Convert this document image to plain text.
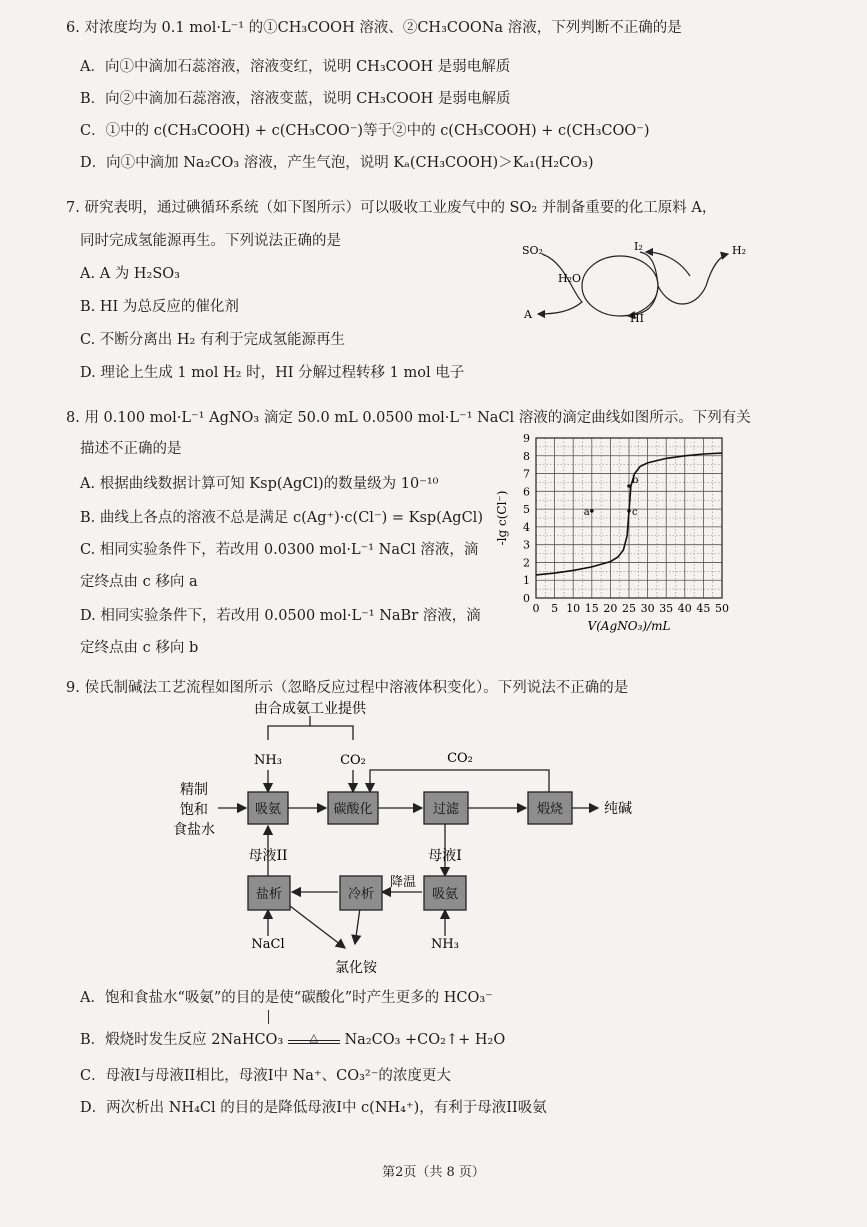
6. 对浓度均为 0.1 mol·L⁻¹ 的①CH₃COOH 溶液、②CH₃COONa 溶液，下列判断不正确的是
A．向①中滴加石蕊溶液，溶液变红，说明 CH₃COOH 是弱电解质
B．向②中滴加石蕊溶液，溶液变蓝，说明 CH₃COOH 是弱电解质
C．①中的 c(CH₃COOH) + c(CH₃COO⁻)等于②中的 c(CH₃COOH) + c(CH₃COO⁻)
D．向①中滴加 Na₂CO₃ 溶液，产生气泡，说明 Kₐ(CH₃COOH)＞Kₐ₁(H₂CO₃)
7. 研究表明，通过碘循环系统（如下图所示）可以吸收工业废气中的 SO₂ 并制备重要的化工原料 A，
同时完成氢能源再生。下列说法正确的是
A. A 为 H₂SO₃
B. HI 为总反应的催化剂
C. 不断分离出 H₂ 有利于完成氢能源再生
D. 理论上生成 1 mol H₂ 时，HI 分解过程转移 1 mol 电子
SO₂
H₂O
I₂	H₂
A	HI
8. 用 0.100 mol·L⁻¹ AgNO₃ 滴定 50.0 mL 0.0500 mol·L⁻¹ NaCl 溶液的滴定曲线如图所示。下列有关
描述不正确的是
A. 根据曲线数据计算可知 Ksp(AgCl)的数量级为 10⁻¹⁰
B. 曲线上各点的溶液不总是满足 c(Ag⁺)·c(Cl⁻) = Ksp(AgCl)
C. 相同实验条件下，若改用 0.0300 mol·L⁻¹ NaCl 溶液，滴
定终点由 c 移向 a
D. 相同实验条件下，若改用 0.0500 mol·L⁻¹ NaBr 溶液，滴
定终点由 c 移向 b
0 5 10 15 20 25 30 35 40 45 50
0
1
2
3
4
5
6
7
8
9
V(AgNO₃)/mL
-lg c(Cl⁻)	a
b
c
9. 侯氏制碱法工艺流程如图所示（忽略反应过程中溶液体积变化）。下列说法不正确的是
吸氨	碳酸化	过滤	煅烧
盐析	冷析	吸氨
由合成氨工业提供
NH₃	CO₂	CO₂
精制
饱和
食盐水
纯碱
母液II	母液I
降温
NaCl	NH₃
氯化铵
A．饱和食盐水“吸氨”的目的是使“碳酸化”时产生更多的 HCO₃⁻
B．煅烧时发生反应 2NaHCO₃	△	Na₂CO₃ +CO₂↑+ H₂O
C．母液I与母液II相比，母液I中 Na⁺、CO₃²⁻的浓度更大
D．两次析出 NH₄Cl 的目的是降低母液I中 c(NH₄⁺)，有利于母液II吸氨
第2页（共 8 页）
